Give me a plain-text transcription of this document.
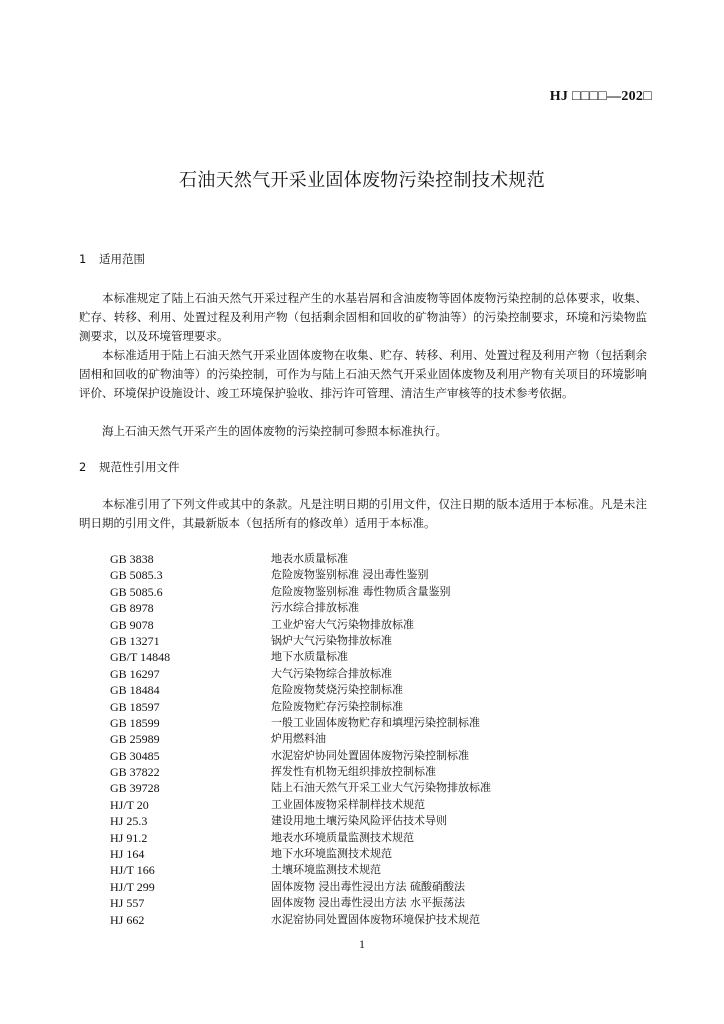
HJ □□□□—202□
石油天然气开采业固体废物污染控制技术规范
1 适用范围

本标准规定了陆上石油天然气开采过程产生的水基岩屑和含油废物等固体废物污染控制的总体要求，收集、贮存、转移、利用、处置过程及利用产物（包括剩余固相和回收的矿物油等）的污染控制要求，环境和污染物监测要求，以及环境管理要求。

本标准适用于陆上石油天然气开采业固体废物在收集、贮存、转移、利用、处置过程及利用产物（包括剩余固相和回收的矿物油等）的污染控制，可作为与陆上石油天然气开采业固体废物及利用产物有关项目的环境影响评价、环境保护设施设计、竣工环境保护验收、排污许可管理、清洁生产审核等的技术参考依据。

海上石油天然气开采产生的固体废物的污染控制可参照本标准执行。

2 规范性引用文件

本标准引用了下列文件或其中的条款。凡是注明日期的引用文件，仅注日期的版本适用于本标准。凡是未注明日期的引用文件，其最新版本（包括所有的修改单）适用于本标准。

GB 3838	地表水质量标准
GB 5085.3	危险废物鉴别标准 浸出毒性鉴别
GB 5085.6	危险废物鉴别标准 毒性物质含量鉴别
GB 8978	污水综合排放标准
GB 9078	工业炉窑大气污染物排放标准
GB 13271	锅炉大气污染物排放标准
GB/T 14848	地下水质量标准
GB 16297	大气污染物综合排放标准
GB 18484	危险废物焚烧污染控制标准
GB 18597	危险废物贮存污染控制标准
GB 18599	一般工业固体废物贮存和填埋污染控制标准
GB 25989	炉用燃料油
GB 30485	水泥窑炉协同处置固体废物污染控制标准
GB 37822	挥发性有机物无组织排放控制标准
GB 39728	陆上石油天然气开采工业大气污染物排放标准
HJ/T 20	工业固体废物采样制样技术规范
HJ 25.3	建设用地土壤污染风险评估技术导则
HJ 91.2	地表水环境质量监测技术规范
HJ 164	地下水环境监测技术规范
HJ/T 166	土壤环境监测技术规范
HJ/T 299	固体废物 浸出毒性浸出方法 硫酸硝酸法
HJ 557	固体废物 浸出毒性浸出方法 水平振荡法
HJ 662	水泥窑协同处置固体废物环境保护技术规范
1
